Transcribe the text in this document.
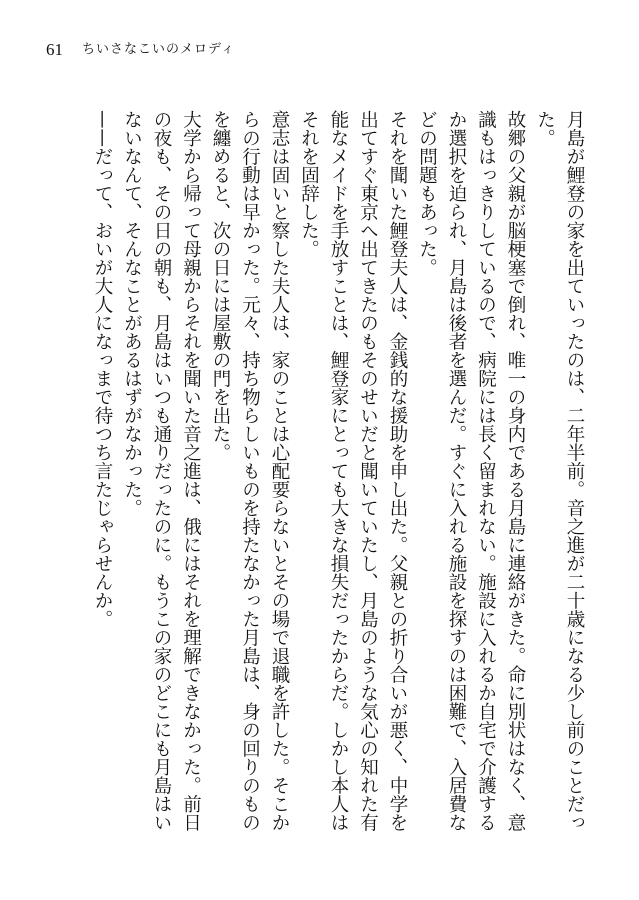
61 ちいさなこいのメロディ

月島が鯉登の家を出ていったのは、二年半前。音之進が二十歳になる少し前のことだった。

故郷の父親が脳梗塞で倒れ、唯一の身内である月島に連絡がきた。命に別状はなく、意識もはっきりしているので、病院には長く留まれない。施設に入れるか自宅で介護するか選択を迫られ、月島は後者を選んだ。すぐに入れる施設を探すのは困難で、入居費などの問題もあった。

それを聞いた鯉登夫人は、金銭的な援助を申し出た。父親との折り合いが悪く、中学を出てすぐ東京へ出てきたのもそのせいだと聞いていたし、月島のような気心の知れた有能なメイドを手放すことは、鯉登家にとっても大きな損失だったからだ。しかし本人はそれを固辞した。

意志は固いと察した夫人は、家のことは心配要らないとその場で退職を許した。そこからの行動は早かった。元々、持ち物らしいものを持たなかった月島は、身の回りのものを纏めると、次の日には屋敷の門を出た。

大学から帰って母親からそれを聞いた音之進は、俄にはそれを理解できなかった。前日の夜も、その日の朝も、月島はいつも通りだったのに。もうこの家のどこにも月島はいないなんて、そんなことがあるはずがなかった。

——だって、おいが大人になっまで待つち言たじゃらせんか。
